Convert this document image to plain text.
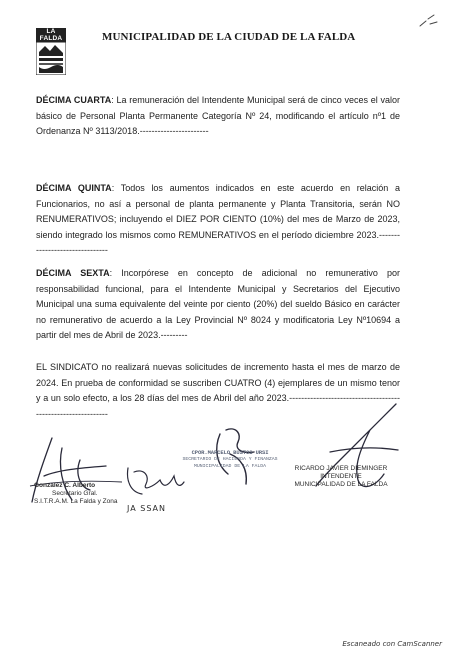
LA FALDA	MUNICIPALIDAD DE LA CIUDAD DE LA FALDA
DÉCIMA CUARTA: La remuneración del Intendente Municipal será de cinco veces el valor básico de Personal Planta Permanente Categoría Nº 24, modificando el artículo nº1 de Ordenanza Nº 3113/2018.-----------------------
DÉCIMA QUINTA: Todos los aumentos indicados en este acuerdo en relación a Funcionarios, no así a personal de planta permanente y Planta Transitoria, serán NO RENUMERATIVOS; incluyendo el DIEZ POR CIENTO (10%) del mes de Marzo de 2023, siendo integrado los mismos como REMUNERATIVOS en el período diciembre 2023.-------------------------------
DÉCIMA SEXTA: Incorpórese en concepto de adicional no remunerativo por responsabilidad funcional, para el Intendente Municipal y Secretarios del Ejecutivo Municipal una suma equivalente del veinte por ciento (20%) del sueldo Básico en carácter no remunerativo de acuerdo a la Ley Provincial Nº 8024 y modificatoria Ley Nº10694 a partir del mes de Abril de 2023.---------
EL SINDICATO no realizará nuevas solicitudes de incremento hasta el mes de marzo de 2024. En prueba de conformidad se suscriben CUATRO (4) ejemplares de un mismo tenor y a un solo efecto, a los 28 días del mes de Abril del año 2023.-------------------------------------------------------------
Gonzalez C. Alberto
Secretario Gral.
S.I.T.R.A.M. La Falda y Zona
JA SSAN
CPOR.MARCELO BUSTOS URSI
SECRETARIO DE HACIENDA Y FINANZAS
MUNICIPALIDAD DE LA FALDA	RICARDO JAVIER DIEMINGER
INTENDENTE
MUNICIPALIDAD DE LA FALDA
Escaneado con CamScanner
